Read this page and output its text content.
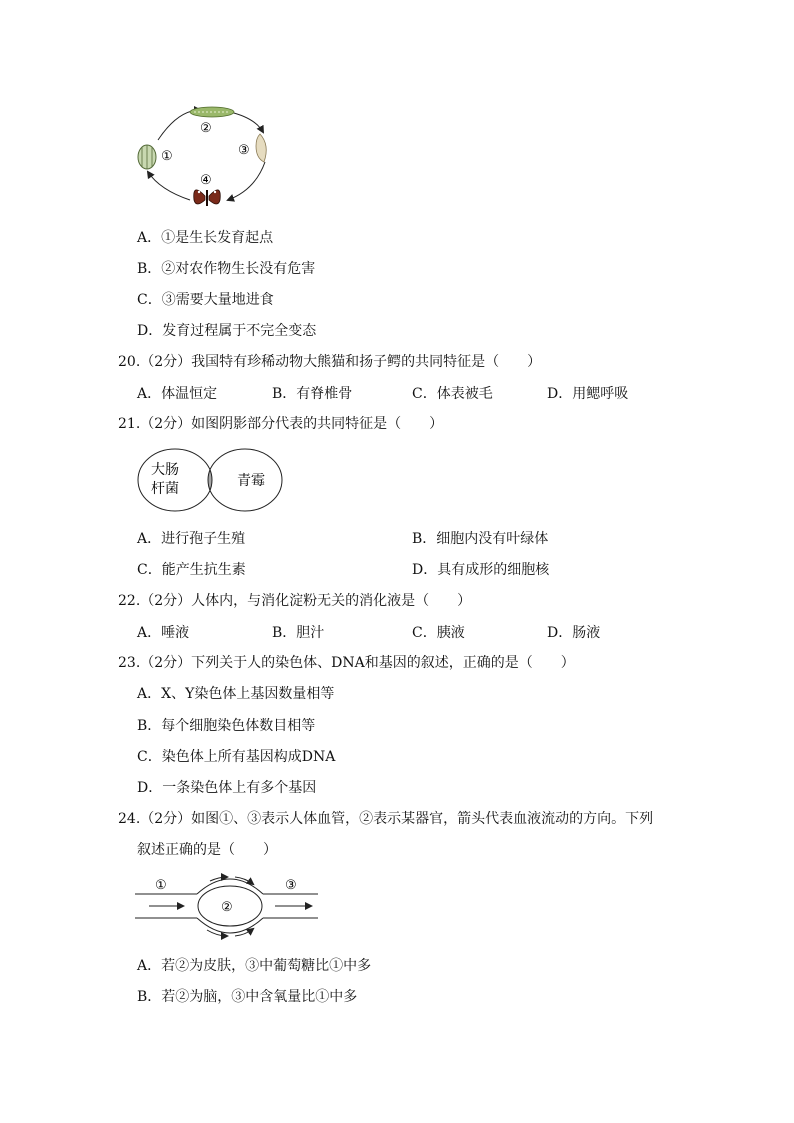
②
①	③
④
A．①是生长发育起点
B．②对农作物生长没有危害
C．③需要大量地进食
D．发育过程属于不完全变态
20.（2分）我国特有珍稀动物大熊猫和扬子鳄的共同特征是（　　）
A．体温恒定	B．有脊椎骨	C．体表被毛	D．用鳃呼吸
21.（2分）如图阴影部分代表的共同特征是（　　）
大肠
杆菌	青霉
A．进行孢子生殖	B．细胞内没有叶绿体
C．能产生抗生素	D．具有成形的细胞核
22.（2分）人体内，与消化淀粉无关的消化液是（　　）
A．唾液	B．胆汁	C．胰液	D．肠液
23.（2分）下列关于人的染色体、DNA和基因的叙述，正确的是（　　）
A．X、Y染色体上基因数量相等
B．每个细胞染色体数目相等
C．染色体上所有基因构成DNA
D．一条染色体上有多个基因
24.（2分）如图①、③表示人体血管，②表示某器官，箭头代表血液流动的方向。下列
叙述正确的是（　　）
①
②
③
A．若②为皮肤，③中葡萄糖比①中多
B．若②为脑，③中含氧量比①中多
